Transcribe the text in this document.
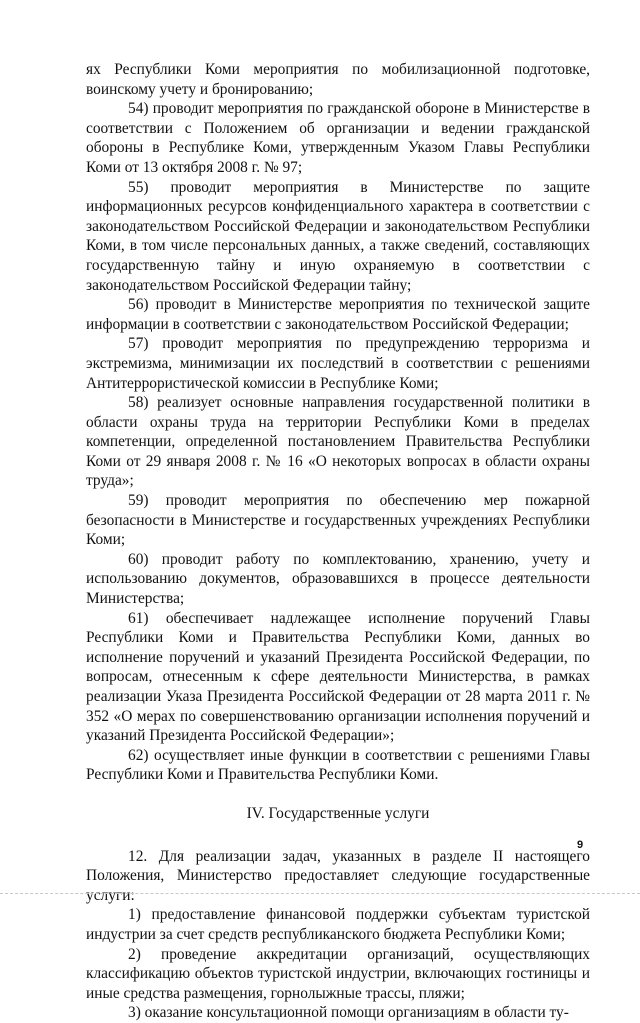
ях Республики Коми мероприятия по мобилизационной подготовке, воинскому учету и бронированию;

54) проводит мероприятия по гражданской обороне в Министерстве в соответствии с Положением об организации и ведении гражданской обороны в Республике Коми, утвержденным Указом Главы Республики Коми от 13 октября 2008 г. № 97;

55) проводит мероприятия в Министерстве по защите информационных ресурсов конфиденциального характера в соответствии с законодательством Российской Федерации и законодательством Республики Коми, в том числе персональных данных, а также сведений, составляющих государственную тайну и иную охраняемую в соответствии с законодательством Российской Федерации тайну;

56) проводит в Министерстве мероприятия по технической защите информации в соответствии с законодательством Российской Федерации;

57) проводит мероприятия по предупреждению терроризма и экстремизма, минимизации их последствий в соответствии с решениями Антитеррористической комиссии в Республике Коми;

58) реализует основные направления государственной политики в области охраны труда на территории Республики Коми в пределах компетенции, определенной постановлением Правительства Республики Коми от 29 января 2008 г. № 16 «О некоторых вопросах в области охраны труда»;

59) проводит мероприятия по обеспечению мер пожарной безопасности в Министерстве и государственных учреждениях Республики Коми;

60) проводит работу по комплектованию, хранению, учету и использованию документов, образовавшихся в процессе деятельности Министерства;

61) обеспечивает надлежащее исполнение поручений Главы Республики Коми и Правительства Республики Коми, данных во исполнение поручений и указаний Президента Российской Федерации, по вопросам, отнесенным к сфере деятельности Министерства, в рамках реализации Указа Президента Российской Федерации от 28 марта 2011 г. № 352 «О мерах по совершенствованию организации исполнения поручений и указаний Президента Российской Федерации»;

62) осуществляет иные функции в соответствии с решениями Главы Республики Коми и Правительства Республики Коми.

IV. Государственные услуги

12. Для реализации задач, указанных в разделе II настоящего Положения, Министерство предоставляет следующие государственные услуги:

1) предоставление финансовой поддержки субъектам туристской индустрии за счет средств республиканского бюджета Республики Коми;

2) проведение аккредитации организаций, осуществляющих классификацию объектов туристской индустрии, включающих гостиницы и иные средства размещения, горнолыжные трассы, пляжи;

3) оказание консультационной помощи организациям в области ту-

9
